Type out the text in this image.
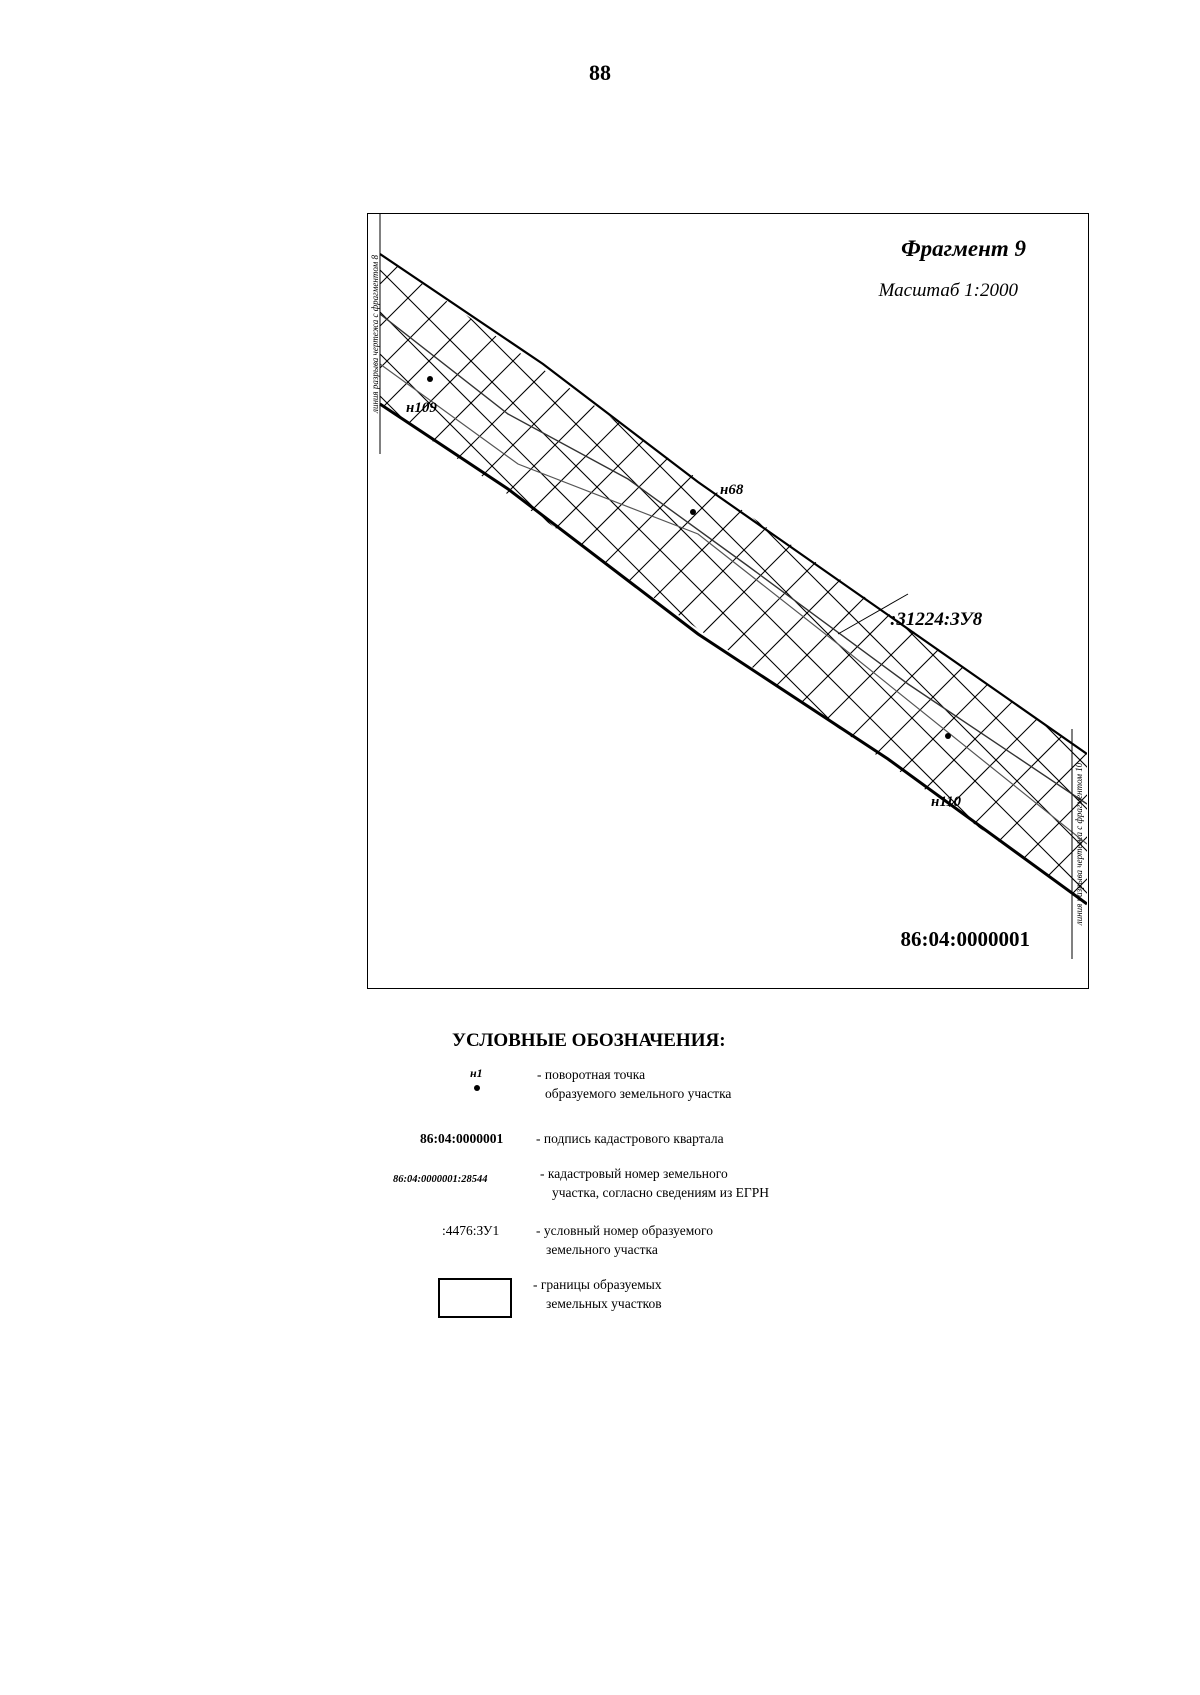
88
линия разрыва чертежа с фрагментом 8
линия разрыва чертежа с фрагментом 10
Фрагмент 9
Масштаб 1:2000
н109
н68
н110
:31224:ЗУ8
86:04:0000001
УСЛОВНЫЕ ОБОЗНАЧЕНИЯ:
н1	- поворотная точка
образуемого земельного участка
86:04:0000001 - подпись кадастрового квартала
86:04:0000001:28544	- кадастровый номер земельного
участка, согласно сведениям из ЕГРН
:4476:ЗУ1	- условный номер образуемого
земельного участка
- границы образуемых
земельных участков
